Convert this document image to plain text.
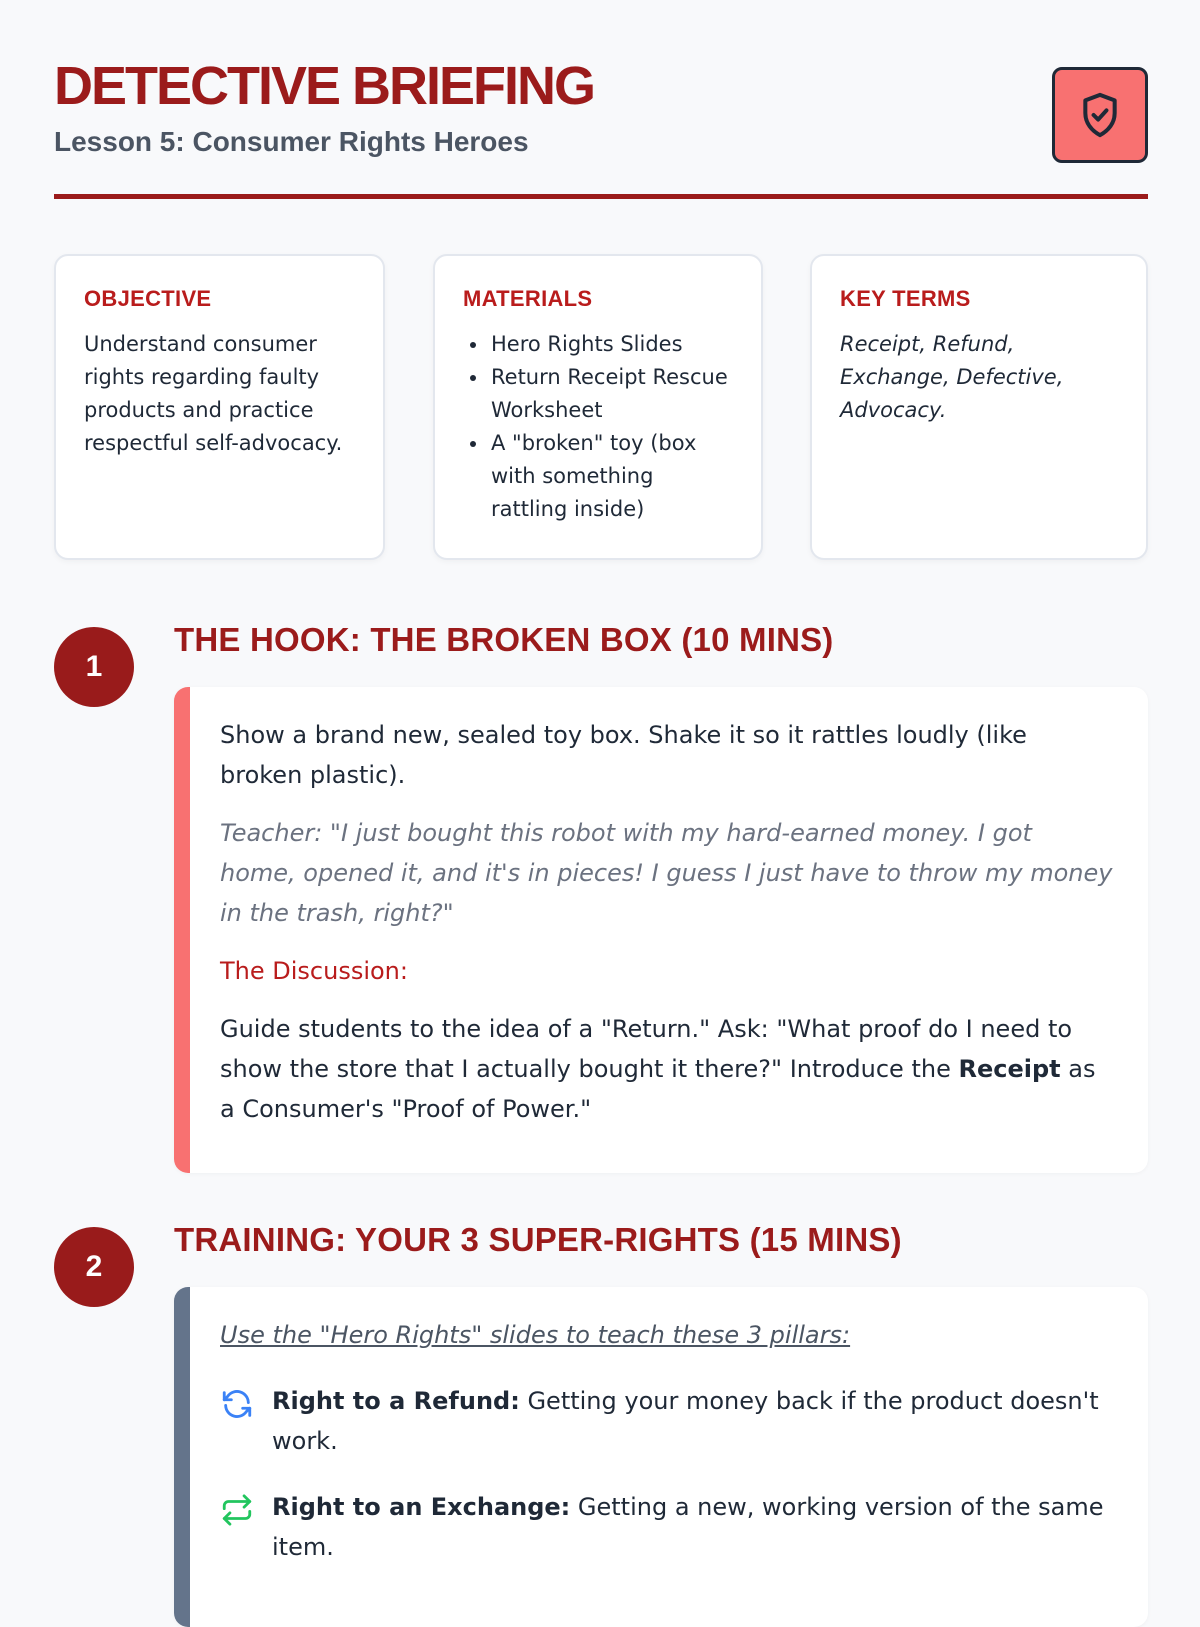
DETECTIVE BRIEFING
Lesson 5: Consumer Rights Heroes
OBJECTIVE

Understand consumer rights regarding faulty products and practice respectful self-advocacy.

MATERIALS
• Hero Rights Slides
• Return Receipt Rescue Worksheet
• A "broken" toy (box with something rattling inside)
KEY TERMS

Receipt, Refund, Exchange, Defective, Advocacy.

1
THE HOOK: THE BROKEN BOX (10 MINS)

Show a brand new, sealed toy box. Shake it so it rattles loudly (like broken plastic).

Teacher: "I just bought this robot with my hard-earned money. I got home, opened it, and it's in pieces! I guess I just have to throw my money in the trash, right?"

The Discussion:

Guide students to the idea of a "Return." Ask: "What proof do I need to show the store that I actually bought it there?" Introduce the Receipt as a Consumer's "Proof of Power."

2
TRAINING: YOUR 3 SUPER-RIGHTS (15 MINS)

Use the "Hero Rights" slides to teach these 3 pillars:

Right to a Refund: Getting your money back if the product doesn't work.

Right to an Exchange: Getting a new, working version of the same item.
